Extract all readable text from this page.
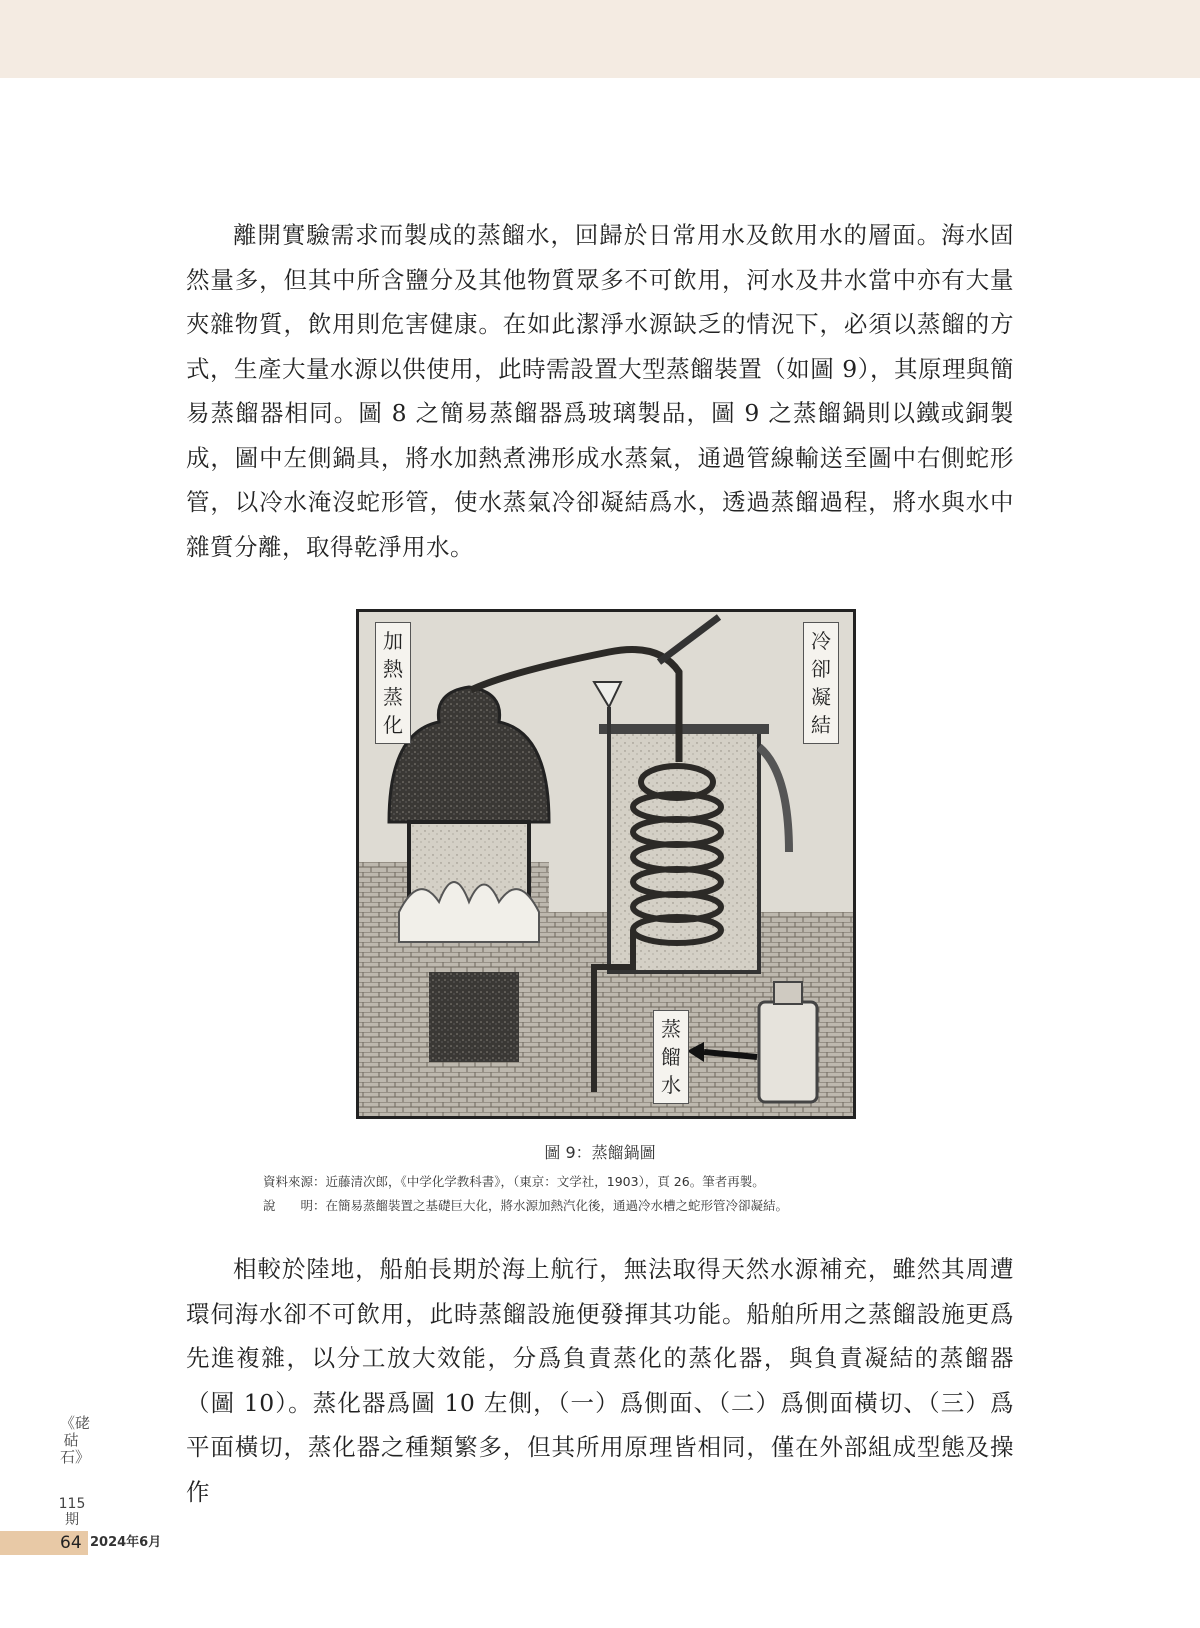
離開實驗需求而製成的蒸餾水，回歸於日常用水及飲用水的層面。海水固然量多，但其中所含鹽分及其他物質眾多不可飲用，河水及井水當中亦有大量夾雜物質，飲用則危害健康。在如此潔淨水源缺乏的情況下，必須以蒸餾的方式，生產大量水源以供使用，此時需設置大型蒸餾裝置（如圖 9），其原理與簡易蒸餾器相同。圖 8 之簡易蒸餾器爲玻璃製品，圖 9 之蒸餾鍋則以鐵或銅製成，圖中左側鍋具，將水加熱煮沸形成水蒸氣，通過管線輸送至圖中右側蛇形管，以冷水淹沒蛇形管，使水蒸氣冷卻凝結爲水，透過蒸餾過程，將水與水中雜質分離，取得乾淨用水。

加熱蒸化
冷卻凝結
蒸餾水
圖 9：蒸餾鍋圖
資料來源：近藤清次郎，《中学化学教科書》，（東京：文学社，1903），頁 26。筆者再製。
說　　明：在簡易蒸餾裝置之基礎巨大化，將水源加熱汽化後，通過冷水槽之蛇形管冷卻凝結。

相較於陸地，船舶長期於海上航行，無法取得天然水源補充，雖然其周遭環伺海水卻不可飲用，此時蒸餾設施便發揮其功能。船舶所用之蒸餾設施更爲先進複雜，以分工放大效能，分爲負責蒸化的蒸化器，與負責凝結的蒸餾器（圖 10）。蒸化器爲圖 10 左側，（一）爲側面、（二）爲側面橫切、（三）爲平面橫切，蒸化器之種類繁多，但其所用原理皆相同，僅在外部組成型態及操作

《硓𥑮石》
115期
64 2024年6月
